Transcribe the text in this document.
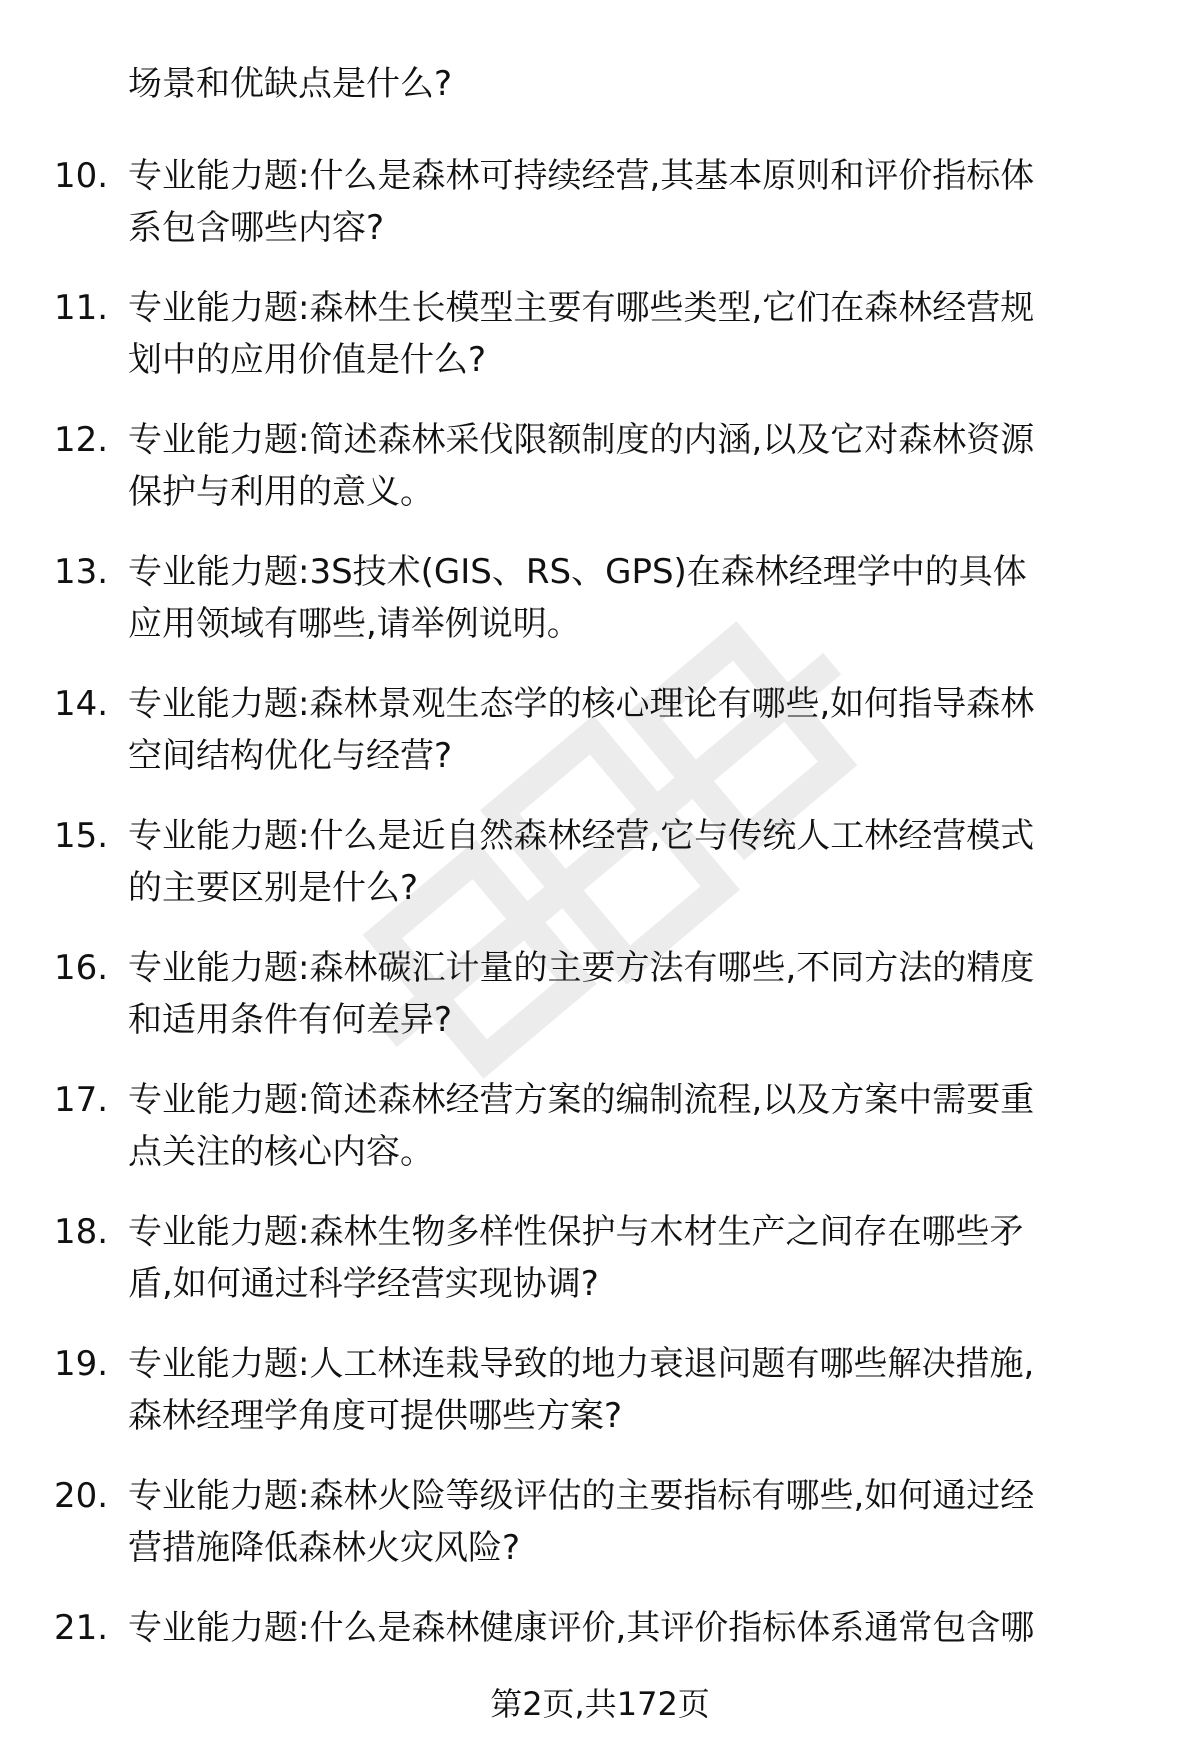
场景和优缺点是什么?
10. 专业能力题:什么是森林可持续经营,其基本原则和评价指标体
系包含哪些内容?
11. 专业能力题:森林生长模型主要有哪些类型,它们在森林经营规
划中的应用价值是什么?
12. 专业能力题:简述森林采伐限额制度的内涵,以及它对森林资源
保护与利用的意义。
13. 专业能力题:3S技术(GIS、RS、GPS)在森林经理学中的具体
应用领域有哪些,请举例说明。
14. 专业能力题:森林景观生态学的核心理论有哪些,如何指导森林
空间结构优化与经营?
15. 专业能力题:什么是近自然森林经营,它与传统人工林经营模式
的主要区别是什么?
16. 专业能力题:森林碳汇计量的主要方法有哪些,不同方法的精度
和适用条件有何差异?
17. 专业能力题:简述森林经营方案的编制流程,以及方案中需要重
点关注的核心内容。
18. 专业能力题:森林生物多样性保护与木材生产之间存在哪些矛
盾,如何通过科学经营实现协调?
19. 专业能力题:人工林连栽导致的地力衰退问题有哪些解决措施,
森林经理学角度可提供哪些方案?
20. 专业能力题:森林火险等级评估的主要指标有哪些,如何通过经
营措施降低森林火灾风险?
21. 专业能力题:什么是森林健康评价,其评价指标体系通常包含哪
第2页,共172页
